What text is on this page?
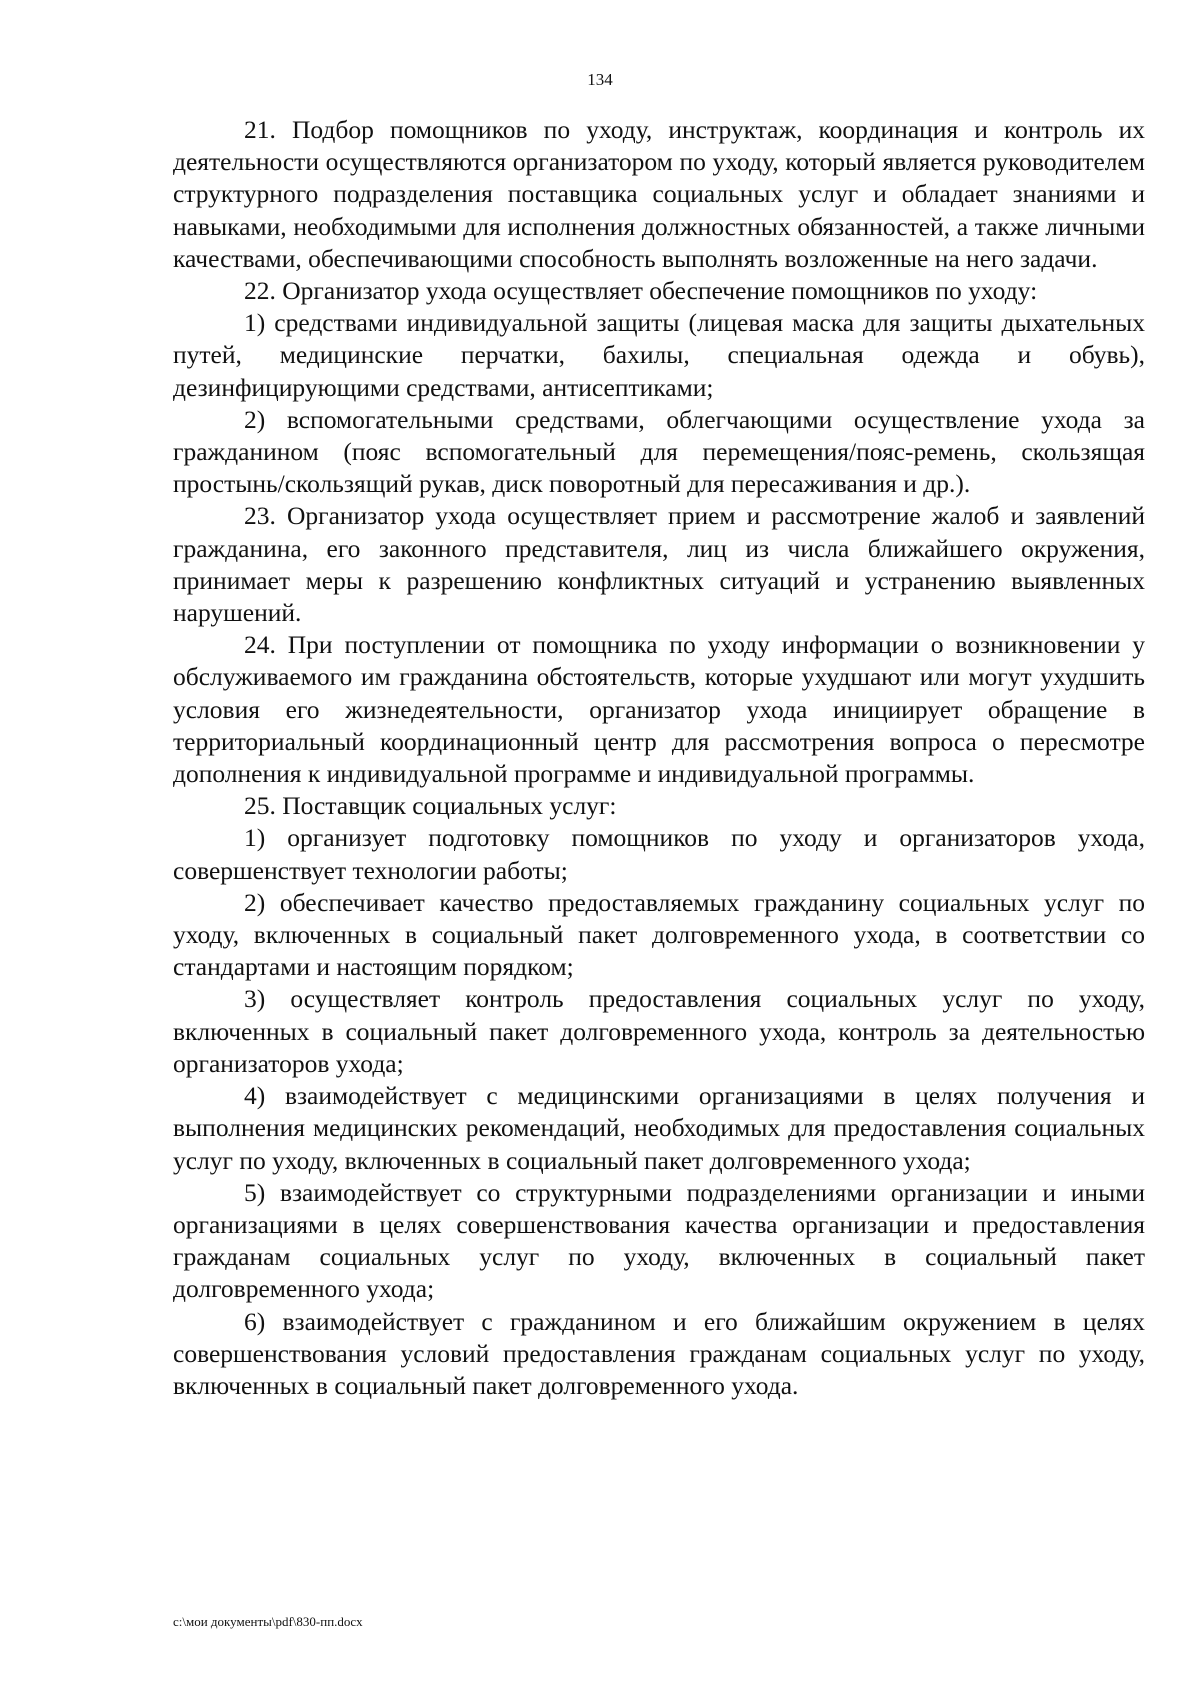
134

21. Подбор помощников по уходу, инструктаж, координация и контроль их деятельности осуществляются организатором по уходу, который является руководителем структурного подразделения поставщика социальных услуг и обладает знаниями и навыками, необходимыми для исполнения должностных обязанностей, а также личными качествами, обеспечивающими способность выполнять возложенные на него задачи.

22. Организатор ухода осуществляет обеспечение помощников по уходу:

1) средствами индивидуальной защиты (лицевая маска для защиты дыхательных путей, медицинские перчатки, бахилы, специальная одежда и обувь), дезинфицирующими средствами, антисептиками;

2) вспомогательными средствами, облегчающими осуществление ухода за гражданином (пояс вспомогательный для перемещения/пояс-ремень, скользящая простынь/скользящий рукав, диск поворотный для пересаживания и др.).

23. Организатор ухода осуществляет прием и рассмотрение жалоб и заявлений гражданина, его законного представителя, лиц из числа ближайшего окружения, принимает меры к разрешению конфликтных ситуаций и устранению выявленных нарушений.

24. При поступлении от помощника по уходу информации о возникновении у обслуживаемого им гражданина обстоятельств, которые ухудшают или могут ухудшить условия его жизнедеятельности, организатор ухода инициирует обращение в территориальный координационный центр для рассмотрения вопроса о пересмотре дополнения к индивидуальной программе и индивидуальной программы.

25. Поставщик социальных услуг:

1) организует подготовку помощников по уходу и организаторов ухода, совершенствует технологии работы;

2) обеспечивает качество предоставляемых гражданину социальных услуг по уходу, включенных в социальный пакет долговременного ухода, в соответствии со стандартами и настоящим порядком;

3) осуществляет контроль предоставления социальных услуг по уходу, включенных в социальный пакет долговременного ухода, контроль за деятельностью организаторов ухода;

4) взаимодействует с медицинскими организациями в целях получения и выполнения медицинских рекомендаций, необходимых для предоставления социальных услуг по уходу, включенных в социальный пакет долговременного ухода;

5) взаимодействует со структурными подразделениями организации и иными организациями в целях совершенствования качества организации и предоставления гражданам социальных услуг по уходу, включенных в социальный пакет долговременного ухода;

6) взаимодействует с гражданином и его ближайшим окружением в целях совершенствования условий предоставления гражданам социальных услуг по уходу, включенных в социальный пакет долговременного ухода.

c:\мои документы\pdf\830-пп.docx
